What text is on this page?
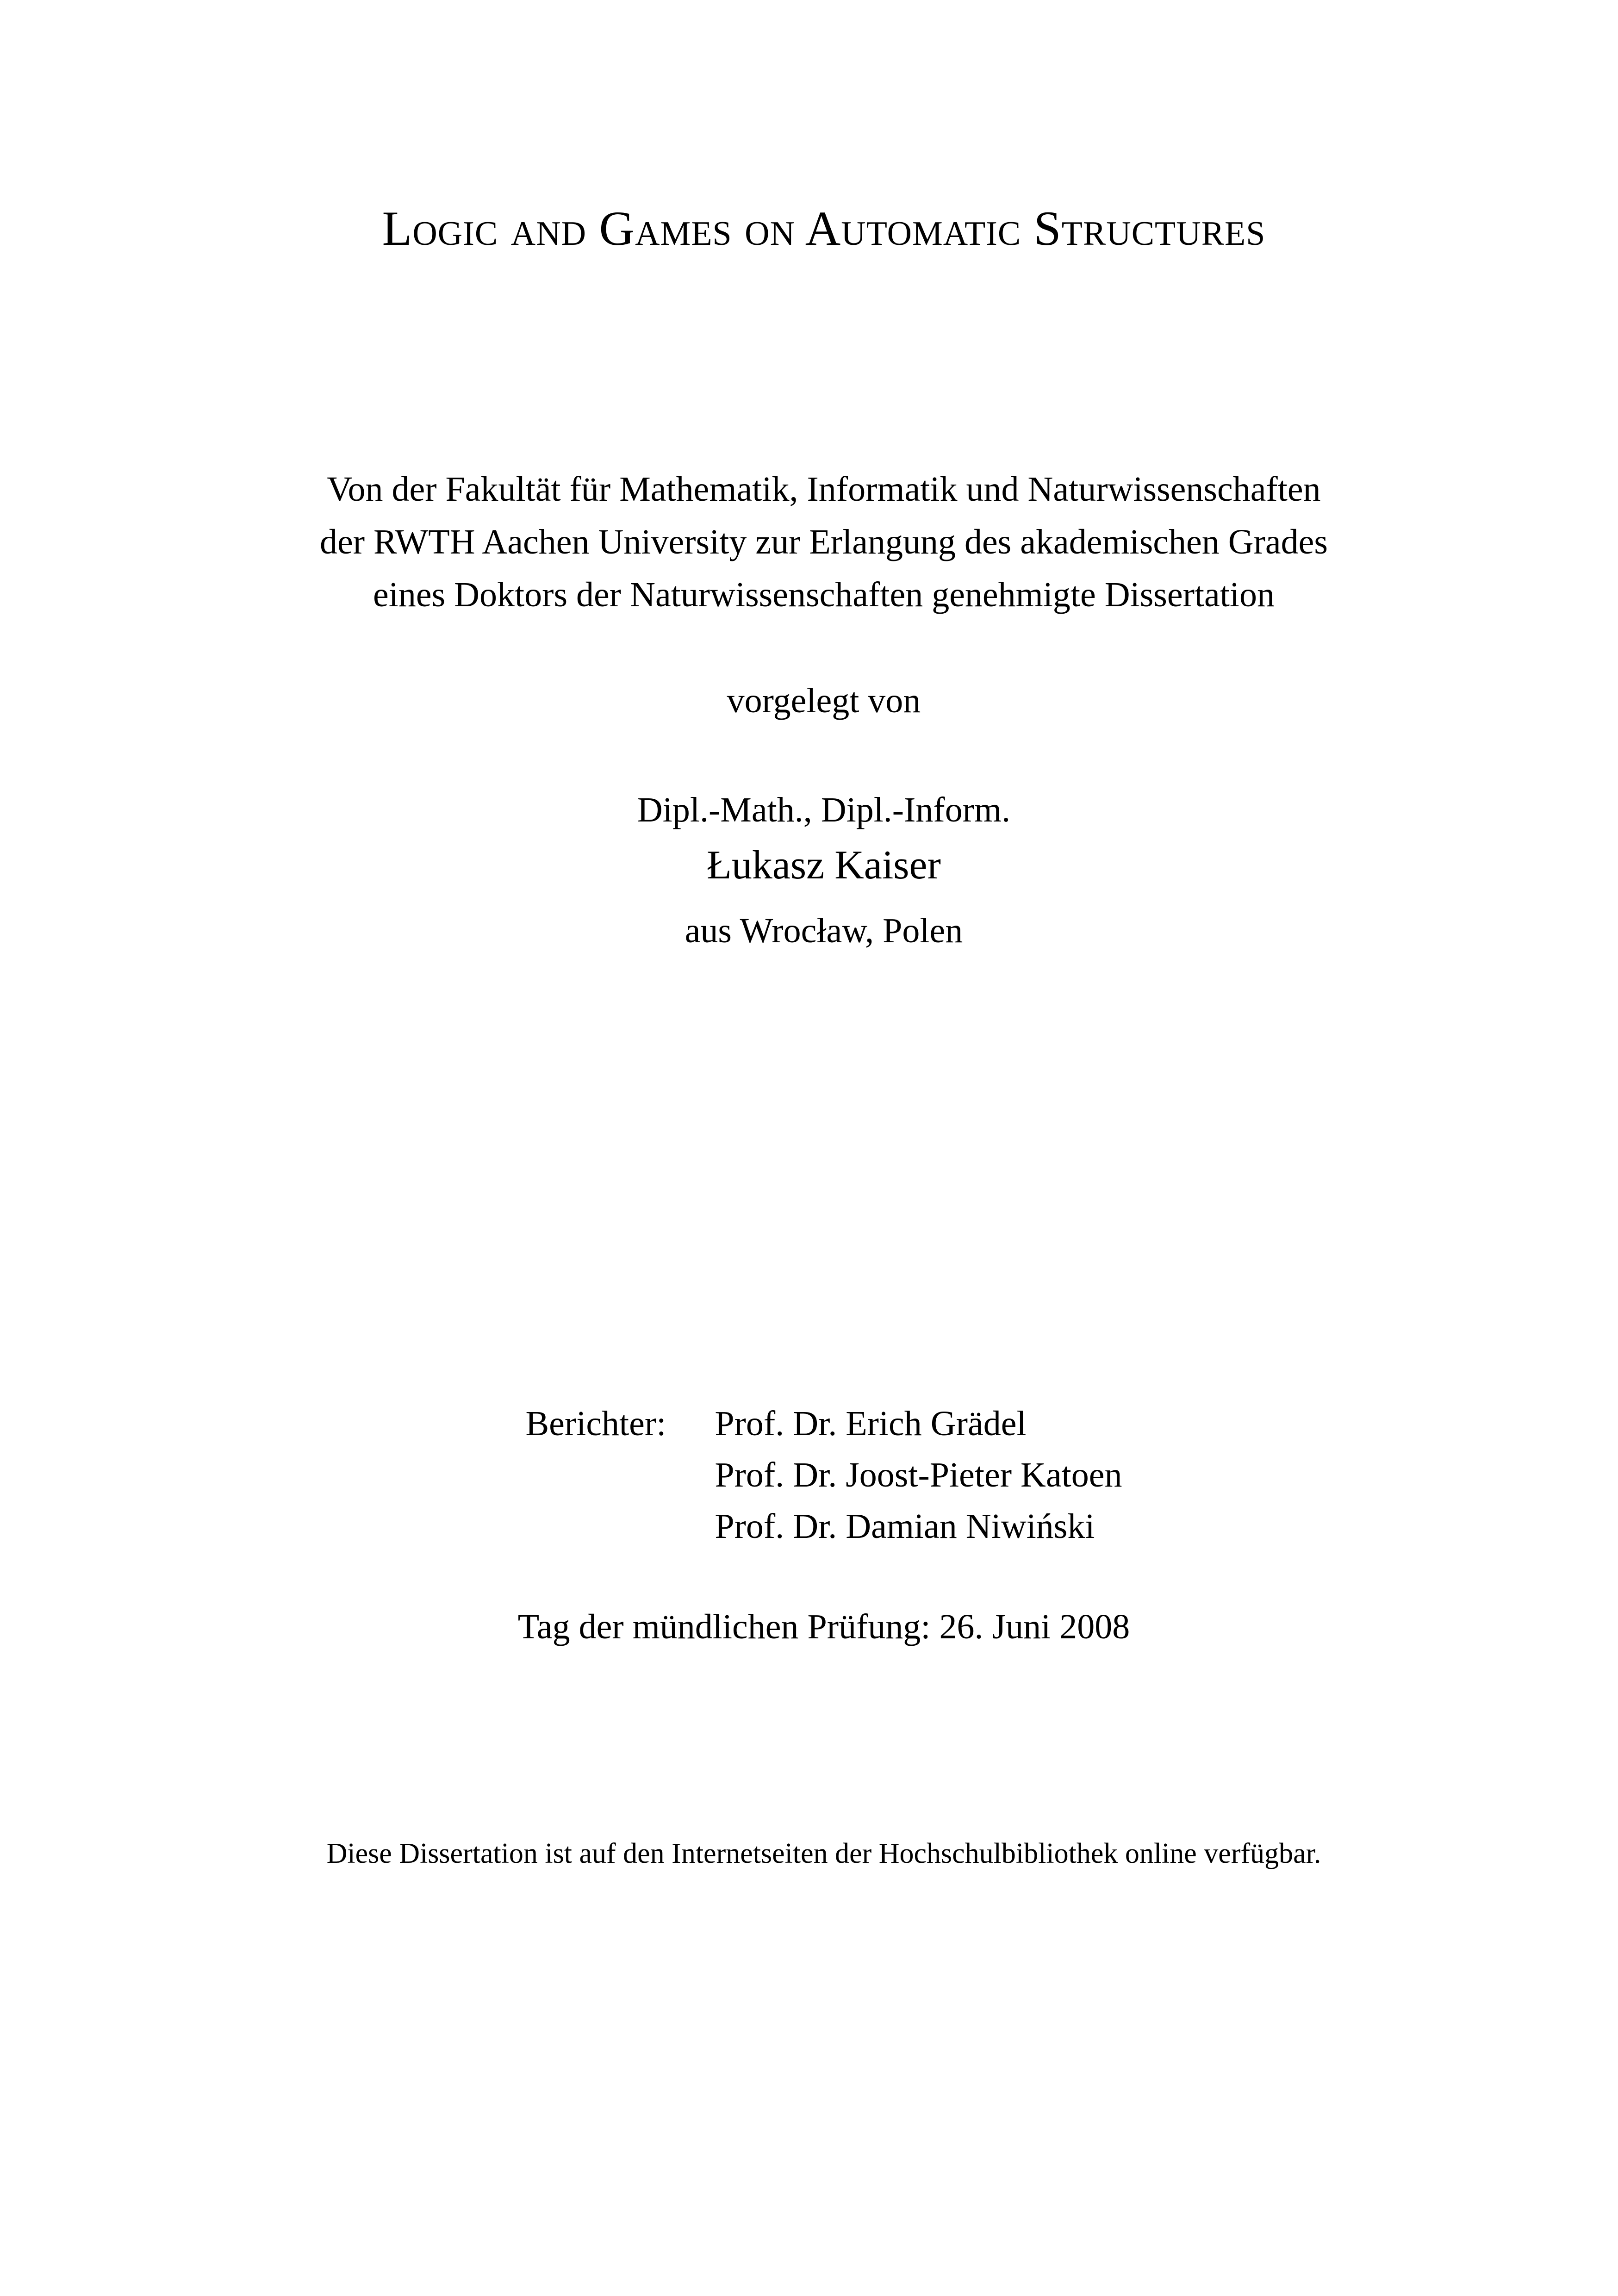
Logic and Games on Automatic Structures
Von der Fakultät für Mathematik, Informatik und Naturwissenschaften
der RWTH Aachen University zur Erlangung des akademischen Grades
eines Doktors der Naturwissenschaften genehmigte Dissertation
vorgelegt von
Dipl.-Math., Dipl.-Inform.
Łukasz Kaiser
aus Wrocław, Polen
Berichter: Prof. Dr. Erich Grädel
Prof. Dr. Joost-Pieter Katoen
Prof. Dr. Damian Niwiński
Tag der mündlichen Prüfung: 26. Juni 2008
Diese Dissertation ist auf den Internetseiten der Hochschulbibliothek online verfügbar.
